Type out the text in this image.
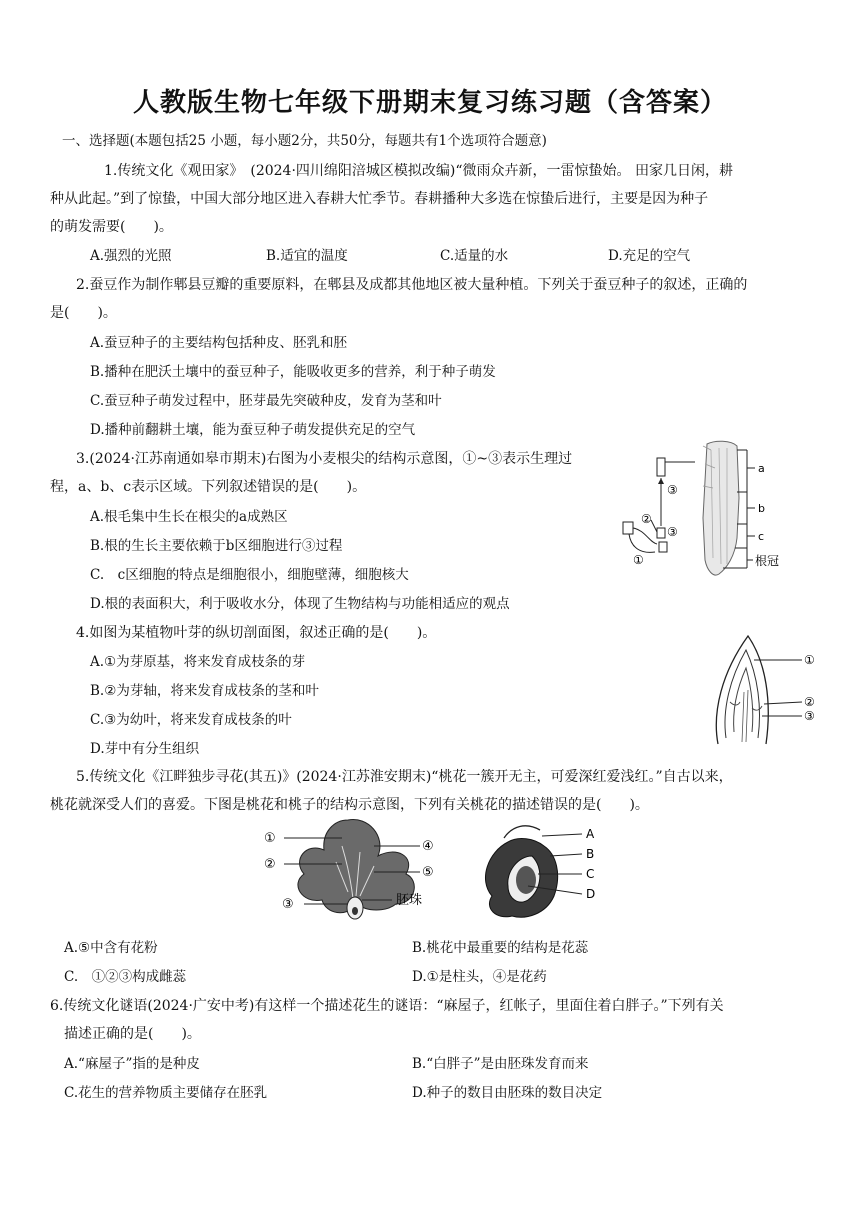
人教版生物七年级下册期末复习练习题（含答案）
一、选择题(本题包括25 小题，每小题2分，共50分，每题共有1个选项符合题意)
1.传统文化《观田家》　(2024·四川绵阳涪城区模拟改编)“微雨众卉新，一雷惊蛰始。 田家几日闲，耕
种从此起。”到了惊蛰，中国大部分地区进入春耕大忙季节。春耕播种大多选在惊蛰后进行，主要是因为种子
的萌发需要(　　)。
A.强烈的光照	B.适宜的温度	C.适量的水	D.充足的空气
2.蚕豆作为制作郫县豆瓣的重要原料，在郫县及成都其他地区被大量种植。下列关于蚕豆种子的叙述，正确的
是(　　)。
A.蚕豆种子的主要结构包括种皮、胚乳和胚
B.播种在肥沃土壤中的蚕豆种子，能吸收更多的营养，利于种子萌发
C.蚕豆种子萌发过程中，胚芽最先突破种皮，发育为茎和叶
D.播种前翻耕土壤，能为蚕豆种子萌发提供充足的空气
3.(2024·江苏南通如皋市期末)右图为小麦根尖的结构示意图，①~③表示生理过
程，a、b、c表示区域。下列叙述错误的是(　　)。
A.根毛集中生长在根尖的a成熟区
B.根的生长主要依赖于b区细胞进行③过程
C.　c区细胞的特点是细胞很小，细胞壁薄，细胞核大
D.根的表面积大，利于吸收水分，体现了生物结构与功能相适应的观点
a
b
c
根冠
③
②
③
①
4.如图为某植物叶芽的纵切剖面图，叙述正确的是(　　)。
A.①为芽原基，将来发育成枝条的芽
B.②为芽轴，将来发育成枝条的茎和叶
C.③为幼叶，将来发育成枝条的叶
D.芽中有分生组织
①
②
③
5.传统文化《江畔独步寻花(其五)》(2024·江苏淮安期末)“桃花一簇开无主，可爱深红爱浅红。”自古以来，
桃花就深受人们的喜爱。下图是桃花和桃子的结构示意图，下列有关桃花的描述错误的是(　　)。
①
②
③
④
⑤
胚珠
A
B
C
D
A.⑤中含有花粉	B.桃花中最重要的结构是花蕊
C.　①②③构成雌蕊	D.①是柱头，④是花药
6.传统文化谜语(2024·广安中考)有这样一个描述花生的谜语：“麻屋子，红帐子，里面住着白胖子。”下列有关
描述正确的是(　　)。
A.“麻屋子”指的是种皮	B.“白胖子”是由胚珠发育而来
C.花生的营养物质主要储存在胚乳	D.种子的数目由胚珠的数目决定
